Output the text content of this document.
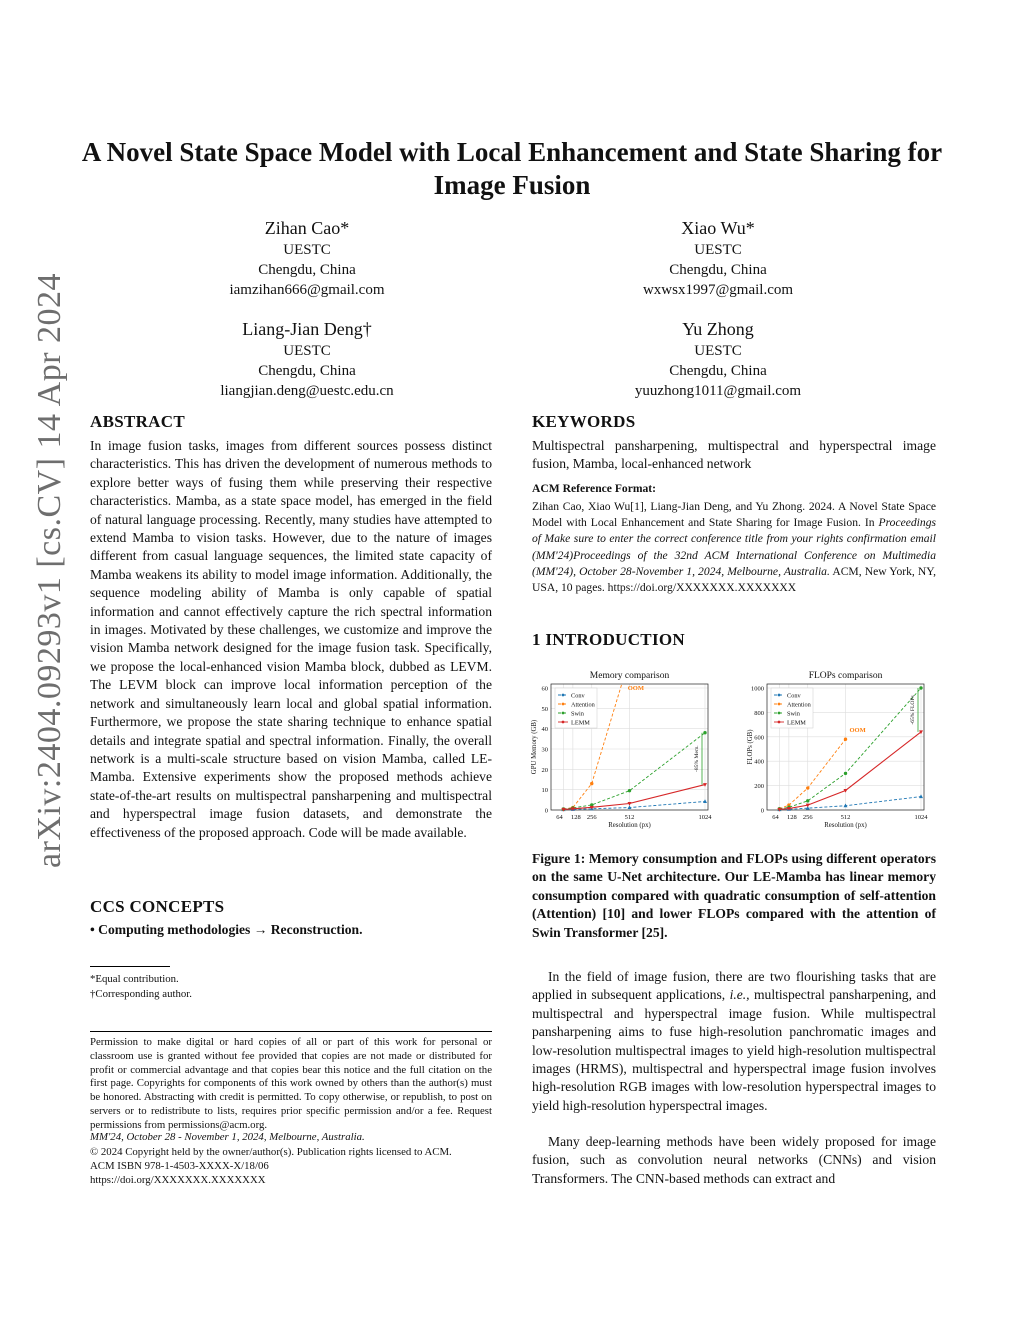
A Novel State Space Model with Local Enhancement and State Sharing for Image Fusion
Zihan Cao*
UESTC
Chengdu, China
iamzihan666@gmail.com
Xiao Wu*
UESTC
Chengdu, China
wxwsx1997@gmail.com
Liang-Jian Deng†
UESTC
Chengdu, China
liangjian.deng@uestc.edu.cn
Yu Zhong
UESTC
Chengdu, China
yuuzhong1011@gmail.com
arXiv:2404.09293v1 [cs.CV] 14 Apr 2024 ABSTRACT
In image fusion tasks, images from different sources possess distinct characteristics. This has driven the development of numerous methods to explore better ways of fusing them while preserving their respective characteristics. Mamba, as a state space model, has emerged in the field of natural language processing. Recently, many studies have attempted to extend Mamba to vision tasks. However, due to the nature of images different from casual language sequences, the limited state capacity of Mamba weakens its ability to model image information. Additionally, the sequence modeling ability of Mamba is only capable of spatial information and cannot effectively capture the rich spectral information in images. Motivated by these challenges, we customize and improve the vision Mamba network designed for the image fusion task. Specifically, we propose the local-enhanced vision Mamba block, dubbed as LEVM. The LEVM block can improve local information perception of the network and simultaneously learn local and global spatial information. Furthermore, we propose the state sharing technique to enhance spatial details and integrate spatial and spectral information. Finally, the overall network is a multi-scale structure based on vision Mamba, called LE-Mamba. Extensive experiments show the proposed methods achieve state-of-the-art results on multispectral pansharpening and multispectral and hyperspectral image fusion datasets, and demonstrate the effectiveness of the proposed approach. Code will be made available.
CCS CONCEPTS
• Computing methodologies → Reconstruction.
*Equal contribution.
†Corresponding author.
Permission to make digital or hard copies of all or part of this work for personal or classroom use is granted without fee provided that copies are not made or distributed for profit or commercial advantage and that copies bear this notice and the full citation on the first page. Copyrights for components of this work owned by others than the author(s) must be honored. Abstracting with credit is permitted. To copy otherwise, or republish, to post on servers or to redistribute to lists, requires prior specific permission and/or a fee. Request permissions from permissions@acm.org.
MM'24, October 28 - November 1, 2024, Melbourne, Australia.
© 2024 Copyright held by the owner/author(s). Publication rights licensed to ACM.
ACM ISBN 978-1-4503-XXXX-X/18/06
https://doi.org/XXXXXXX.XXXXXXX
KEYWORDS
Multispectral pansharpening, multispectral and hyperspectral image fusion, Mamba, local-enhanced network
ACM Reference Format:
Zihan Cao, Xiao Wu[1], Liang-Jian Deng, and Yu Zhong. 2024. A Novel State Space Model with Local Enhancement and State Sharing for Image Fusion. In Proceedings of Make sure to enter the correct conference title from your rights confirmation email (MM'24)Proceedings of the 32nd ACM International Conference on Multimedia (MM'24), October 28-November 1, 2024, Melbourne, Australia. ACM, New York, NY, USA, 10 pages. https://doi.org/XXXXXXX.XXXXXXX
1 INTRODUCTION
Memory comparison
0
10
20
30
40
50
60
64 128 256	512	1024
Resolution (px)
GPU Memory (GB)
OOM
-85% Mem.
Conv
Attention
Swin
LEMM
FLOPs comparison
0
200
400
600
800
1000
64 128 256	512	1024
Resolution (px)
FLOPs (GB)	OOM
-65% FLOPs
Conv
Attention
Swin
LEMM
Figure 1: Memory consumption and FLOPs using different operators on the same U-Net architecture. Our LE-Mamba has linear memory consumption compared with quadratic consumption of self-attention (Attention) [10] and lower FLOPs compared with the attention of Swin Transformer [25].
In the field of image fusion, there are two flourishing tasks that are applied in subsequent applications, i.e., multispectral pansharpening, and multispectral and hyperspectral image fusion. While multispectral pansharpening aims to fuse high-resolution panchromatic images and low-resolution multispectral images to yield high-resolution multispectral images (HRMS), multispectral and hyperspectral image fusion involves high-resolution RGB images with low-resolution hyperspectral images to yield high-resolution hyperspectral images.
Many deep-learning methods have been widely proposed for image fusion, such as convolution neural networks (CNNs) and vision Transformers. The CNN-based methods can extract and
